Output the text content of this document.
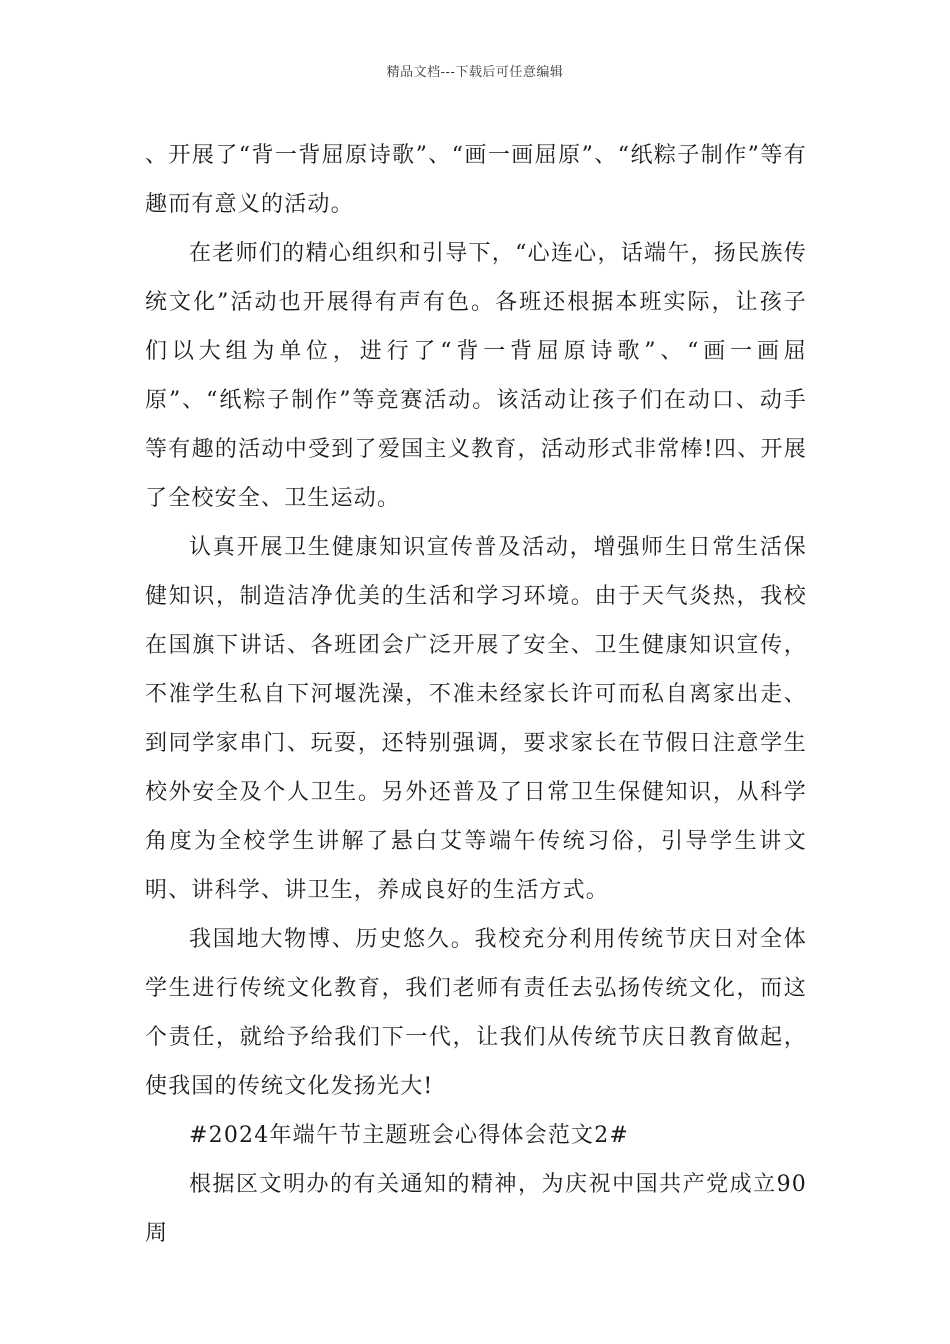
精品文档---下载后可任意编辑

、开展了“背一背屈原诗歌”、“画一画屈原”、“纸粽子制作”等有趣而有意义的活动。

在老师们的精心组织和引导下，“心连心，话端午，扬民族传统文化”活动也开展得有声有色。各班还根据本班实际，让孩子们以大组为单位，进行了“背一背屈原诗歌”、“画一画屈原”、“纸粽子制作”等竞赛活动。该活动让孩子们在动口、动手等有趣的活动中受到了爱国主义教育，活动形式非常棒!四、开展了全校安全、卫生运动。

认真开展卫生健康知识宣传普及活动，增强师生日常生活保健知识，制造洁净优美的生活和学习环境。由于天气炎热，我校在国旗下讲话、各班团会广泛开展了安全、卫生健康知识宣传，不准学生私自下河堰洗澡，不准未经家长许可而私自离家出走、到同学家串门、玩耍，还特别强调，要求家长在节假日注意学生校外安全及个人卫生。另外还普及了日常卫生保健知识，从科学角度为全校学生讲解了悬白艾等端午传统习俗，引导学生讲文明、讲科学、讲卫生，养成良好的生活方式。

我国地大物博、历史悠久。我校充分利用传统节庆日对全体学生进行传统文化教育，我们老师有责任去弘扬传统文化，而这个责任，就给予给我们下一代，让我们从传统节庆日教育做起，使我国的传统文化发扬光大!

#2024年端午节主题班会心得体会范文2#

根据区文明办的有关通知的精神，为庆祝中国共产党成立90周
